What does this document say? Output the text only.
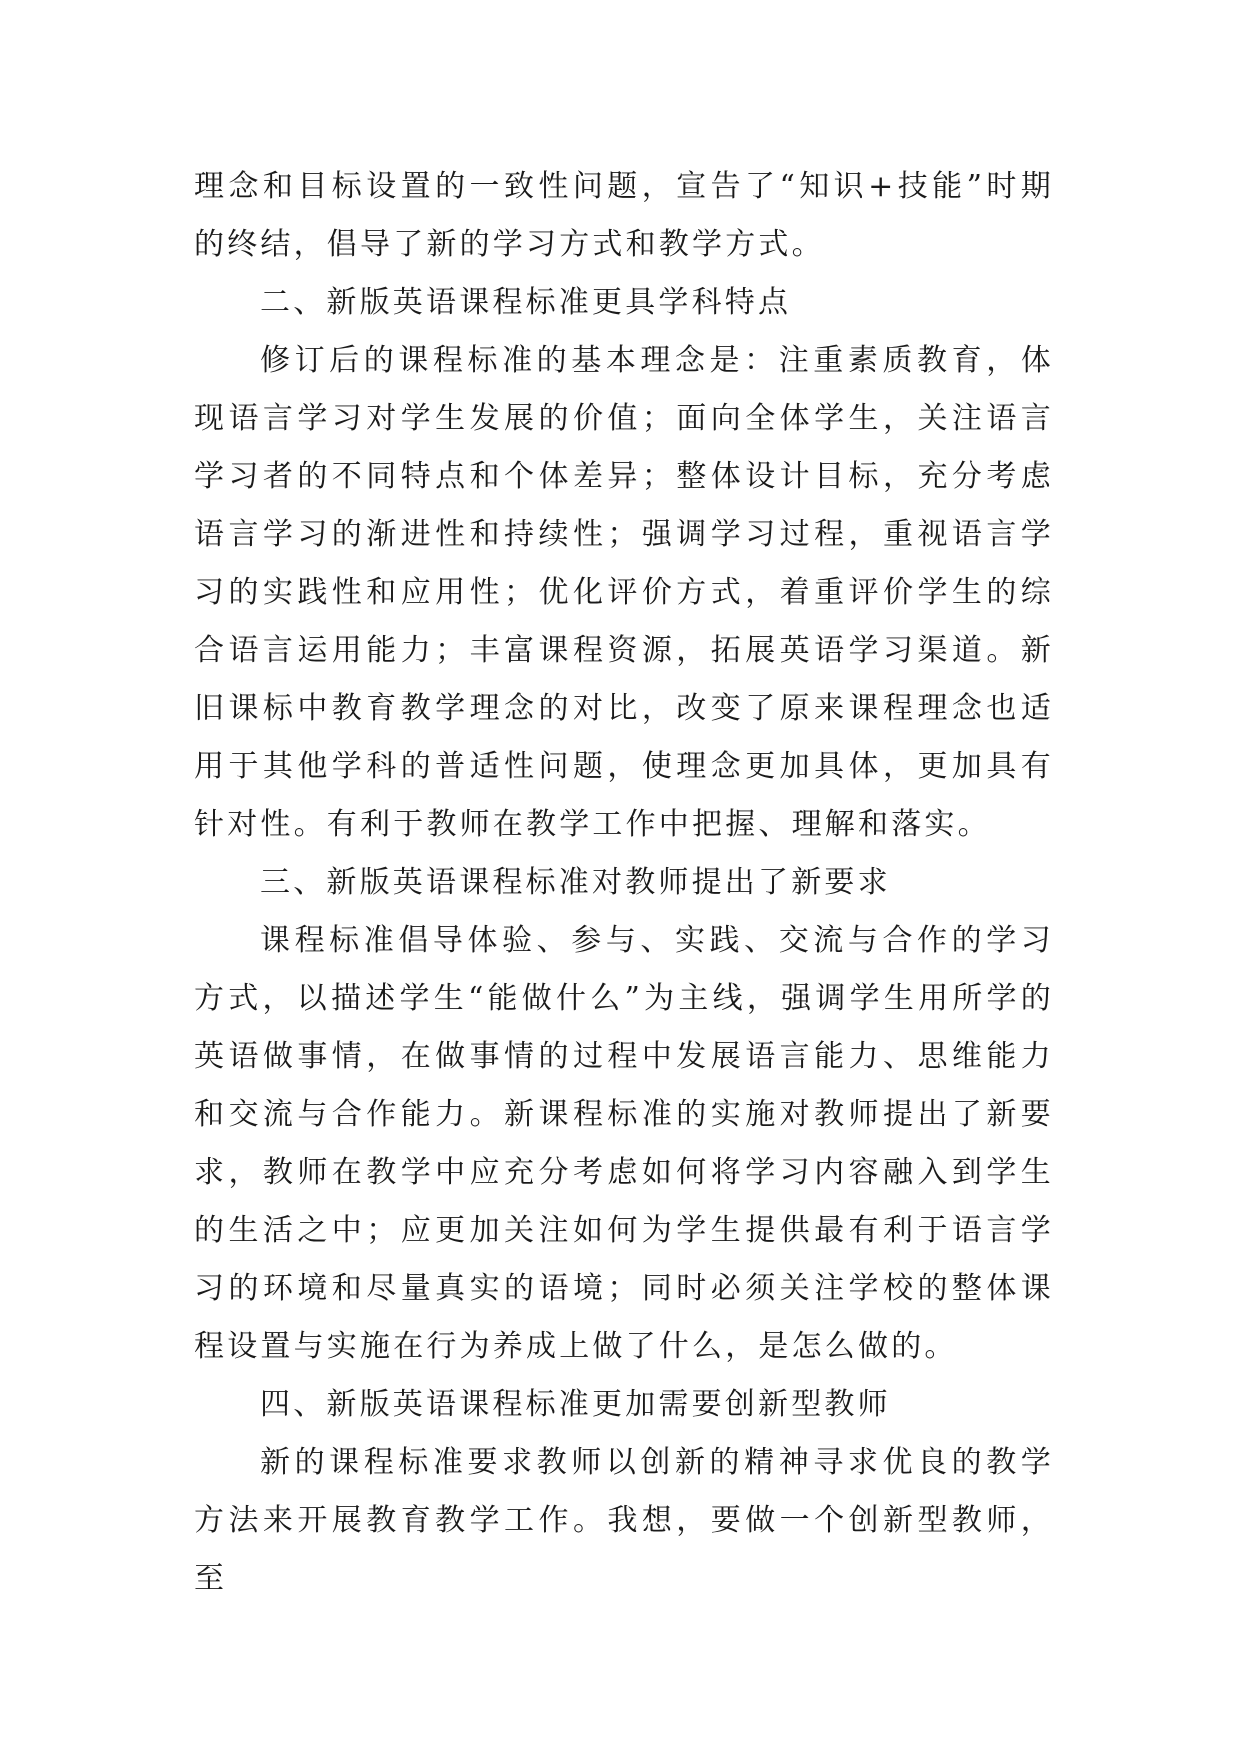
理念和目标设置的一致性问题，宣告了“知识+技能”时期的终结，倡导了新的学习方式和教学方式。

二、新版英语课程标准更具学科特点

修订后的课程标准的基本理念是：注重素质教育，体现语言学习对学生发展的价值；面向全体学生，关注语言学习者的不同特点和个体差异；整体设计目标，充分考虑语言学习的渐进性和持续性；强调学习过程，重视语言学习的实践性和应用性；优化评价方式，着重评价学生的综合语言运用能力；丰富课程资源，拓展英语学习渠道。新旧课标中教育教学理念的对比，改变了原来课程理念也适用于其他学科的普适性问题，使理念更加具体，更加具有针对性。有利于教师在教学工作中把握、理解和落实。

三、新版英语课程标准对教师提出了新要求

课程标准倡导体验、参与、实践、交流与合作的学习方式，以描述学生“能做什么”为主线，强调学生用所学的英语做事情，在做事情的过程中发展语言能力、思维能力和交流与合作能力。新课程标准的实施对教师提出了新要求，教师在教学中应充分考虑如何将学习内容融入到学生的生活之中；应更加关注如何为学生提供最有利于语言学习的环境和尽量真实的语境；同时必须关注学校的整体课程设置与实施在行为养成上做了什么，是怎么做的。

四、新版英语课程标准更加需要创新型教师

新的课程标准要求教师以创新的精神寻求优良的教学方法来开展教育教学工作。我想，要做一个创新型教师，至
